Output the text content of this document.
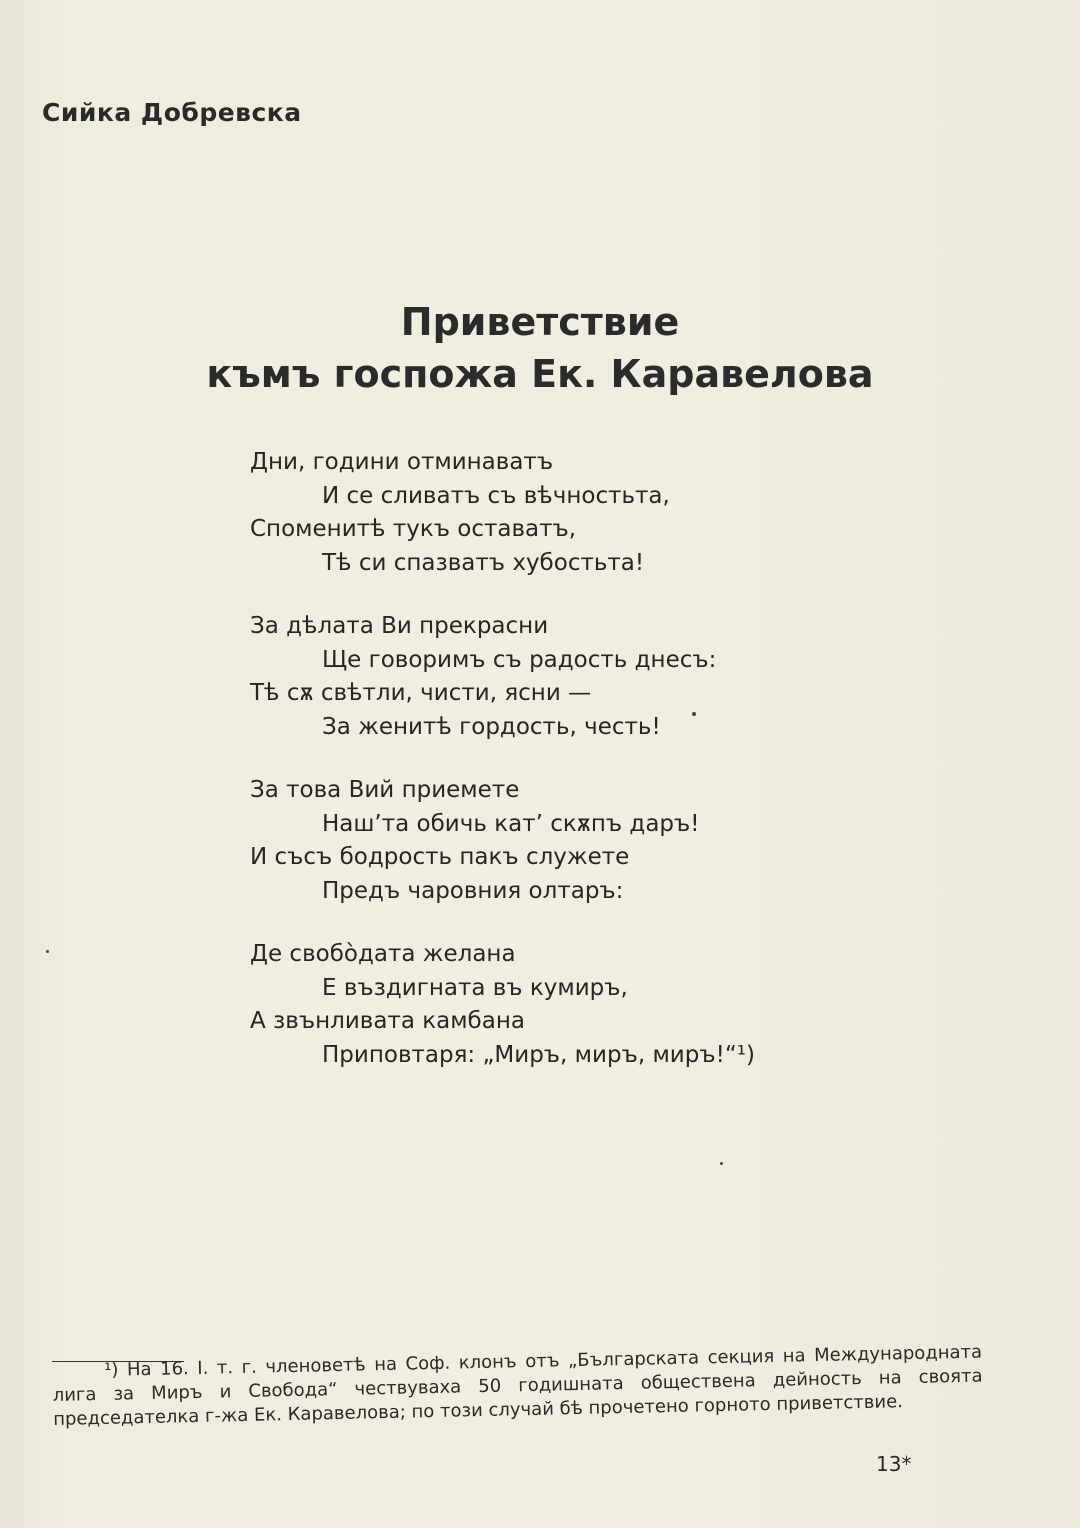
Сийка Добревска
Приветствие
къмъ госпожа Ек. Каравелова
Дни, години отминаватъ
И се сливатъ съ вѣчностьта,
Споменитѣ тукъ оставатъ,
Тѣ си спазватъ хубостьта!
За дѣлата Ви прекрасни
Ще говоримъ съ радость днесъ:
Тѣ сѫ свѣтли, чисти, ясни —
За женитѣ гордость, честь!
За това Вий приемете
Наш’та обичь кат’ скѫпъ даръ!
И съсъ бодрость пакъ служете
Предъ чаровния олтаръ:
Де свобо̀дата желана
Е въздигната въ кумиръ,
А звънливата камбана
Приповтаря: „Миръ, миръ, миръ!“¹)

¹) На 16. I. т. г. членоветѣ на Соф. клонъ отъ „Българската секция на Международната лига за Миръ и Свобода“ чествуваха 50 годишната обществена дейность на своята председателка г-жа Ек. Каравелова; по този случай бѣ прочетено горното приветствие.

13*
